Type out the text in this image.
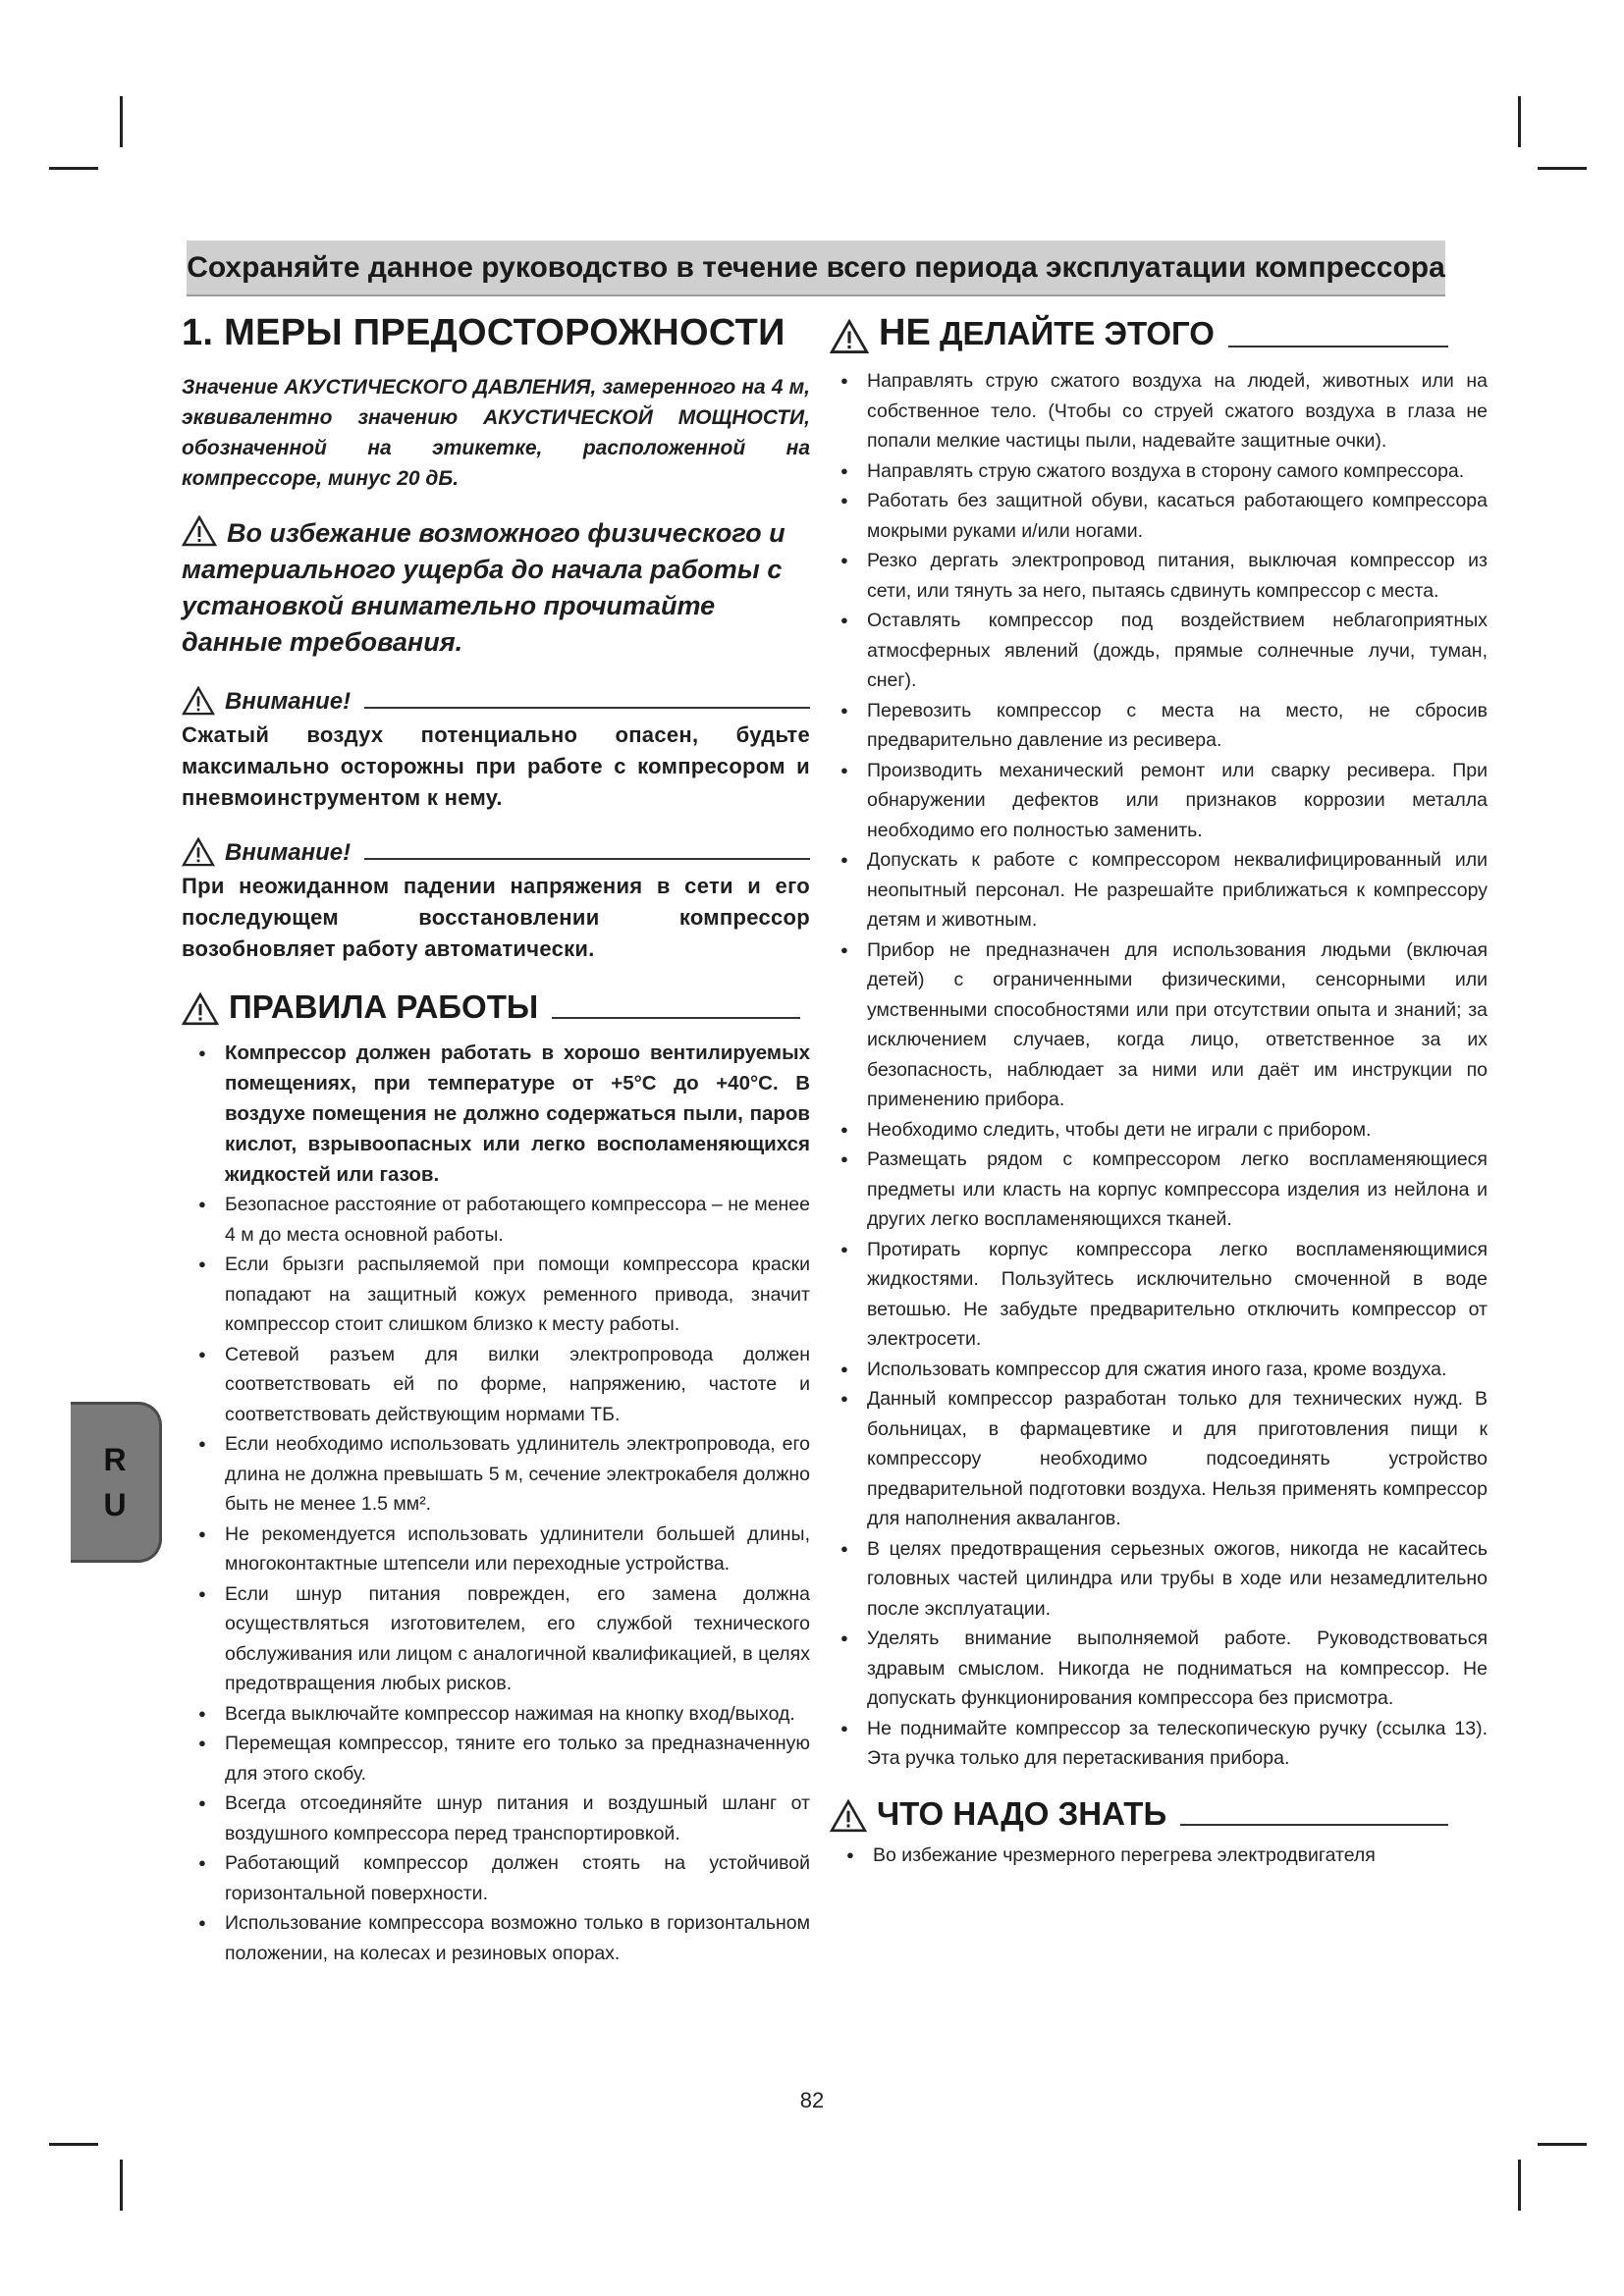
Сохраняйте данное руководство в течение всего периода эксплуатации компрессора
1. МЕРЫ ПРЕДОСТОРОЖНОСТИ
Значение АКУСТИЧЕСКОГО ДАВЛЕНИЯ, замеренного на 4 м, эквивалентно значению АКУСТИЧЕСКОЙ МОЩНОСТИ, обозначенной на этикетке, расположенной на компрессоре, минус 20 дБ.
Во избежание возможного физического и материального ущерба до начала работы с установкой внимательно прочитайте данные требования.
Внимание!
Сжатый воздух потенциально опасен, будьте максимально осторожны при работе с компресором и пневмоинструментом к нему.
Внимание!
При неожиданном падении напряжения в сети и его последующем восстановлении компрессор возобновляет работу автоматически.
ПРАВИЛА РАБОТЫ
● Компрессор должен работать в хорошо вентилируемых помещениях, при температуре от +5°С до +40°С. В воздухе помещения не должно содержаться пыли, паров кислот, взрывоопасных или легко восполаменяющихся жидкостей или газов.
● Безопасное расстояние от работающего компрессора – не менее 4 м до места основной работы.
● Если брызги распыляемой при помощи компрессора краски попадают на защитный кожух ременного привода, значит компрессор стоит слишком близко к месту работы.
● Сетевой разъем для вилки электропровода должен соответствовать ей по форме, напряжению, частоте и соответствовать действующим нормами ТБ.
● Если необходимо использовать удлинитель электропровода, его длина не должна превышать 5 м, сечение электрокабеля должно быть не менее 1.5 мм².
● Не рекомендуется использовать удлинители большей длины, многоконтактные штепсели или переходные устройства.
● Если шнур питания поврежден, его замена должна осуществляться изготовителем, его службой технического обслуживания или лицом с аналогичной квалификацией, в целях предотвращения любых рисков.
● Всегда выключайте компрессор нажимая на кнопку вход/выход.
● Перемещая компрессор, тяните его только за предназначенную для этого скобу.
● Всегда отсоединяйте шнур питания и воздушный шланг от воздушного компрессора перед транспортировкой.
● Работающий компрессор должен стоять на устойчивой горизонтальной поверхности.
● Использование компрессора возможно только в горизонтальном положении, на колесах и резиновых опорах.
НЕ ДЕЛАЙТЕ ЭТОГО
● Направлять струю сжатого воздуха на людей, животных или на собственное тело. (Чтобы со струей сжатого воздуха в глаза не попали мелкие частицы пыли, надевайте защитные очки).
● Направлять струю сжатого воздуха в сторону самого компрессора.
● Работать без защитной обуви, касаться работающего компрессора мокрыми руками и/или ногами.
● Резко дергать электропровод питания, выключая компрессор из сети, или тянуть за него, пытаясь сдвинуть компрессор с места.
● Оставлять компрессор под воздействием неблагоприятных атмосферных явлений (дождь, прямые солнечные лучи, туман, снег).
● Перевозить компрессор с места на место, не сбросив предварительно давление из ресивера.
● Производить механический ремонт или сварку ресивера. При обнаружении дефектов или признаков коррозии металла необходимо его полностью заменить.
● Допускать к работе с компрессором неквалифицированный или неопытный персонал. Не разрешайте приближаться к компрессору детям и животным.
● Прибор не предназначен для использования людьми (включая детей) с ограниченными физическими, сенсорными или умственными способностями или при отсутствии опыта и знаний; за исключением случаев, когда лицо, ответственное за их безопасность, наблюдает за ними или даёт им инструкции по применению прибора.
● Необходимо следить, чтобы дети не играли с прибором.
● Размещать рядом с компрессором легко воспламеняющиеся предметы или класть на корпус компрессора изделия из нейлона и других легко воспламеняющихся тканей.
● Протирать корпус компрессора легко воспламеняющимися жидкостями. Пользуйтесь исключительно смоченной в воде ветошью. Не забудьте предварительно отключить компрессор от электросети.
● Использовать компрессор для сжатия иного газа, кроме воздуха.
● Данный компрессор разработан только для технических нужд. В больницах, в фармацевтике и для приготовления пищи к компрессору необходимо подсоединять устройство предварительной подготовки воздуха. Нельзя применять компрессор для наполнения аквалангов.
● В целях предотвращения серьезных ожогов, никогда не касайтесь головных частей цилиндра или трубы в ходе или незамедлительно после эксплуатации.
● Уделять внимание выполняемой работе. Руководствоваться здравым смыслом. Никогда не подниматься на компрессор. Не допускать функционирования компрессора без присмотра.
● Не поднимайте компрессор за телескопическую ручку (ссылка 13). Эта ручка только для перетаскивания прибора.
ЧТО НАДО ЗНАТЬ
● Во избежание чрезмерного перегрева электродвигателя
R
U
82
